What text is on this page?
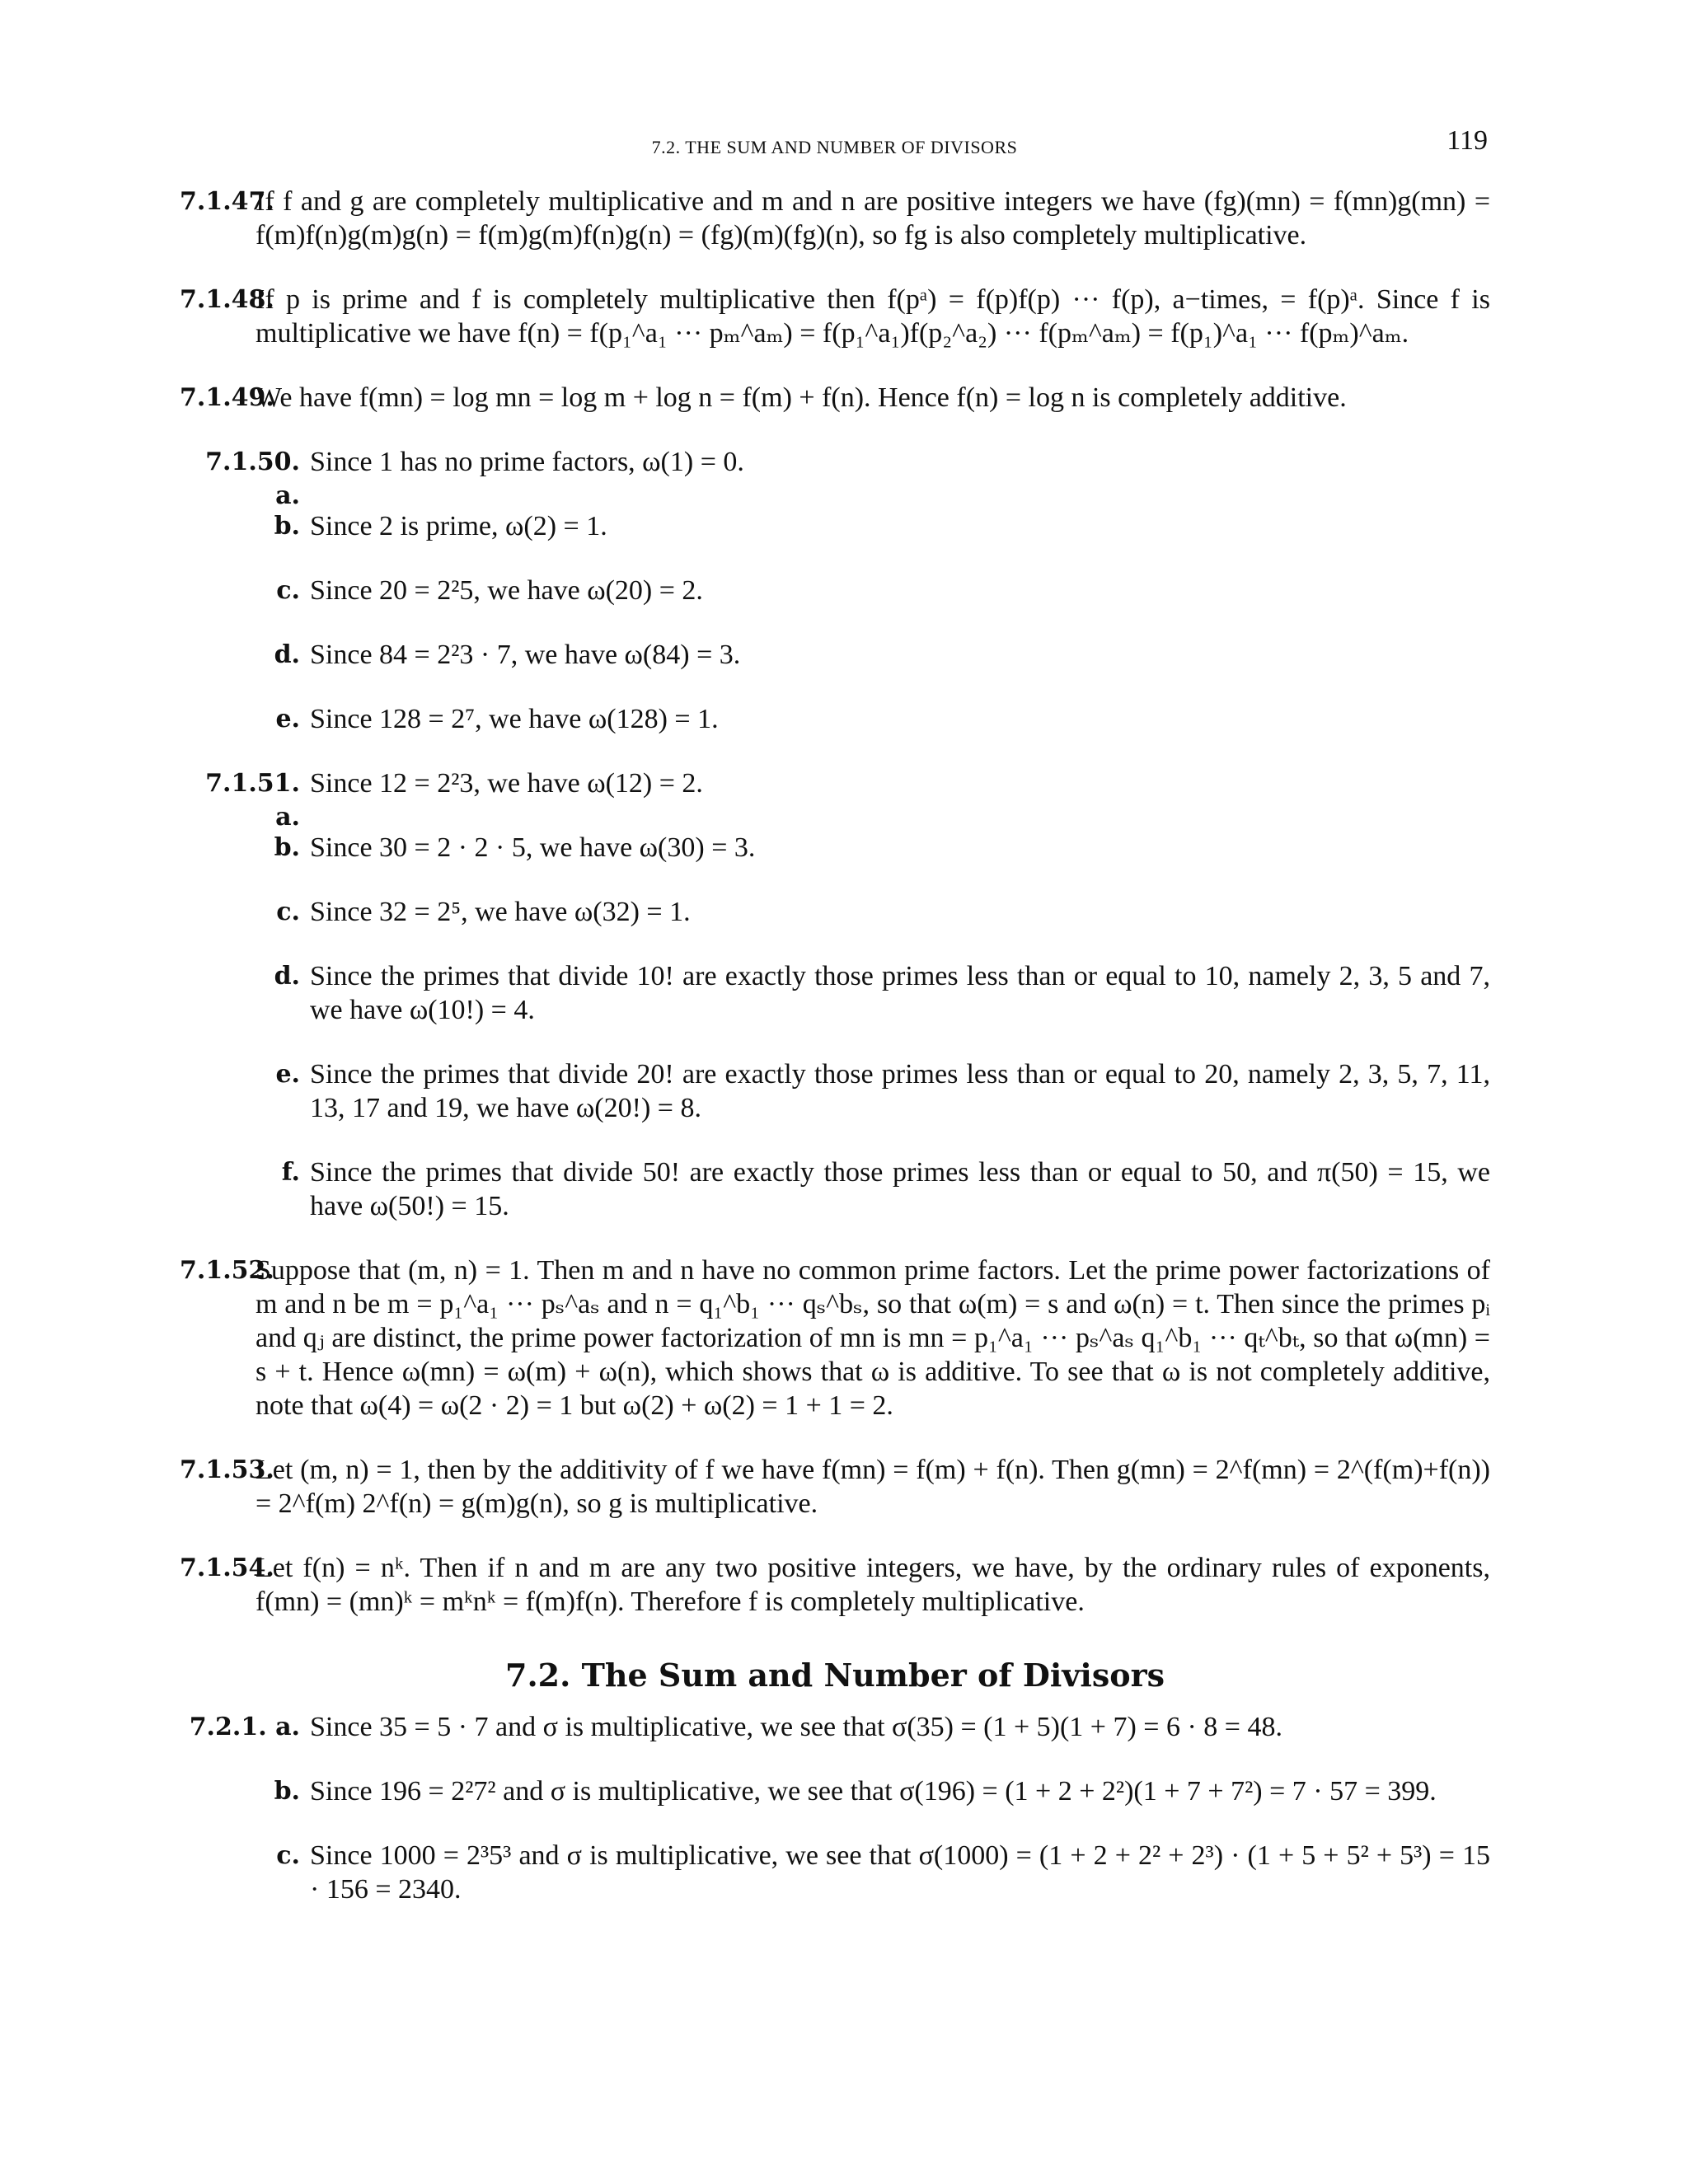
7.2. THE SUM AND NUMBER OF DIVISORS	119
7.1.47.
If f and g are completely multiplicative and m and n are positive integers we have (fg)(mn) = f(mn)g(mn) = f(m)f(n)g(m)g(n) = f(m)g(m)f(n)g(n) = (fg)(m)(fg)(n), so fg is also completely multiplicative.
7.1.48.
If p is prime and f is completely multiplicative then f(pᵃ) = f(p)f(p) ··· f(p), a−times, = f(p)ᵃ. Since f is multiplicative we have f(n) = f(p₁^a₁ ··· pₘ^aₘ) = f(p₁^a₁)f(p₂^a₂) ··· f(pₘ^aₘ) = f(p₁)^a₁ ··· f(pₘ)^aₘ.
7.1.49.
We have f(mn) = log mn = log m + log n = f(m) + f(n). Hence f(n) = log n is completely additive.
7.1.50. a.
Since 1 has no prime factors, ω(1) = 0.
b. Since 2 is prime, ω(2) = 1.
c. Since 20 = 2²5, we have ω(20) = 2.
d. Since 84 = 2²3 · 7, we have ω(84) = 3.
e. Since 128 = 2⁷, we have ω(128) = 1.
7.1.51. a.
Since 12 = 2²3, we have ω(12) = 2.
b. Since 30 = 2 · 2 · 5, we have ω(30) = 3.
c. Since 32 = 2⁵, we have ω(32) = 1.
d. Since the primes that divide 10! are exactly those primes less than or equal to 10, namely 2, 3, 5 and 7, we have ω(10!) = 4.
e. Since the primes that divide 20! are exactly those primes less than or equal to 20, namely 2, 3, 5, 7, 11, 13, 17 and 19, we have ω(20!) = 8.
f. Since the primes that divide 50! are exactly those primes less than or equal to 50, and π(50) = 15, we have ω(50!) = 15.
7.1.52.
Suppose that (m, n) = 1. Then m and n have no common prime factors. Let the prime power factorizations of m and n be m = p₁^a₁ ··· pₛ^aₛ and n = q₁^b₁ ··· qₛ^bₛ, so that ω(m) = s and ω(n) = t. Then since the primes pᵢ and qⱼ are distinct, the prime power factorization of mn is mn = p₁^a₁ ··· pₛ^aₛ q₁^b₁ ··· qₜ^bₜ, so that ω(mn) = s + t. Hence ω(mn) = ω(m) + ω(n), which shows that ω is additive. To see that ω is not completely additive, note that ω(4) = ω(2 · 2) = 1 but ω(2) + ω(2) = 1 + 1 = 2.
7.1.53.
Let (m, n) = 1, then by the additivity of f we have f(mn) = f(m) + f(n). Then g(mn) = 2^f(mn) = 2^(f(m)+f(n)) = 2^f(m) 2^f(n) = g(m)g(n), so g is multiplicative.
7.1.54.
Let f(n) = nᵏ. Then if n and m are any two positive integers, we have, by the ordinary rules of exponents, f(mn) = (mn)ᵏ = mᵏnᵏ = f(m)f(n). Therefore f is completely multiplicative.
7.2. The Sum and Number of Divisors
7.2.1. a. Since 35 = 5 · 7 and σ is multiplicative, we see that σ(35) = (1 + 5)(1 + 7) = 6 · 8 = 48.
b. Since 196 = 2²7² and σ is multiplicative, we see that σ(196) = (1 + 2 + 2²)(1 + 7 + 7²) = 7 · 57 = 399.
c. Since 1000 = 2³5³ and σ is multiplicative, we see that σ(1000) = (1 + 2 + 2² + 2³) · (1 + 5 + 5² + 5³) = 15 · 156 = 2340.
